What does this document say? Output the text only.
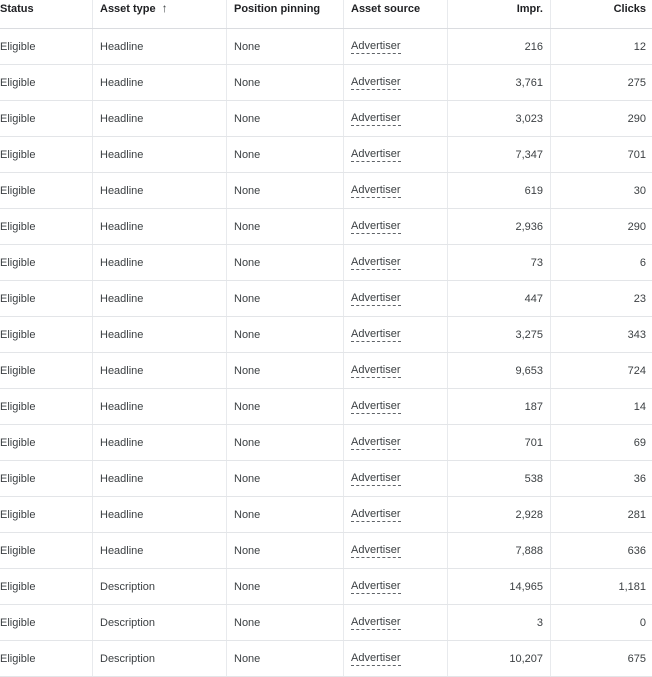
Status	Asset type ↑	Position pinning	Asset source	Impr.	Clicks
Eligible	Headline	None	Advertiser	216	12
Eligible	Headline	None	Advertiser	3,761	275
Eligible	Headline	None	Advertiser	3,023	290
Eligible	Headline	None	Advertiser	7,347	701
Eligible	Headline	None	Advertiser	619	30
Eligible	Headline	None	Advertiser	2,936	290
Eligible	Headline	None	Advertiser	73	6
Eligible	Headline	None	Advertiser	447	23
Eligible	Headline	None	Advertiser	3,275	343
Eligible	Headline	None	Advertiser	9,653	724
Eligible	Headline	None	Advertiser	187	14
Eligible	Headline	None	Advertiser	701	69
Eligible	Headline	None	Advertiser	538	36
Eligible	Headline	None	Advertiser	2,928	281
Eligible	Headline	None	Advertiser	7,888	636
Eligible	Description	None	Advertiser	14,965	1,181
Eligible	Description	None	Advertiser	3	0
Eligible	Description	None	Advertiser	10,207	675
